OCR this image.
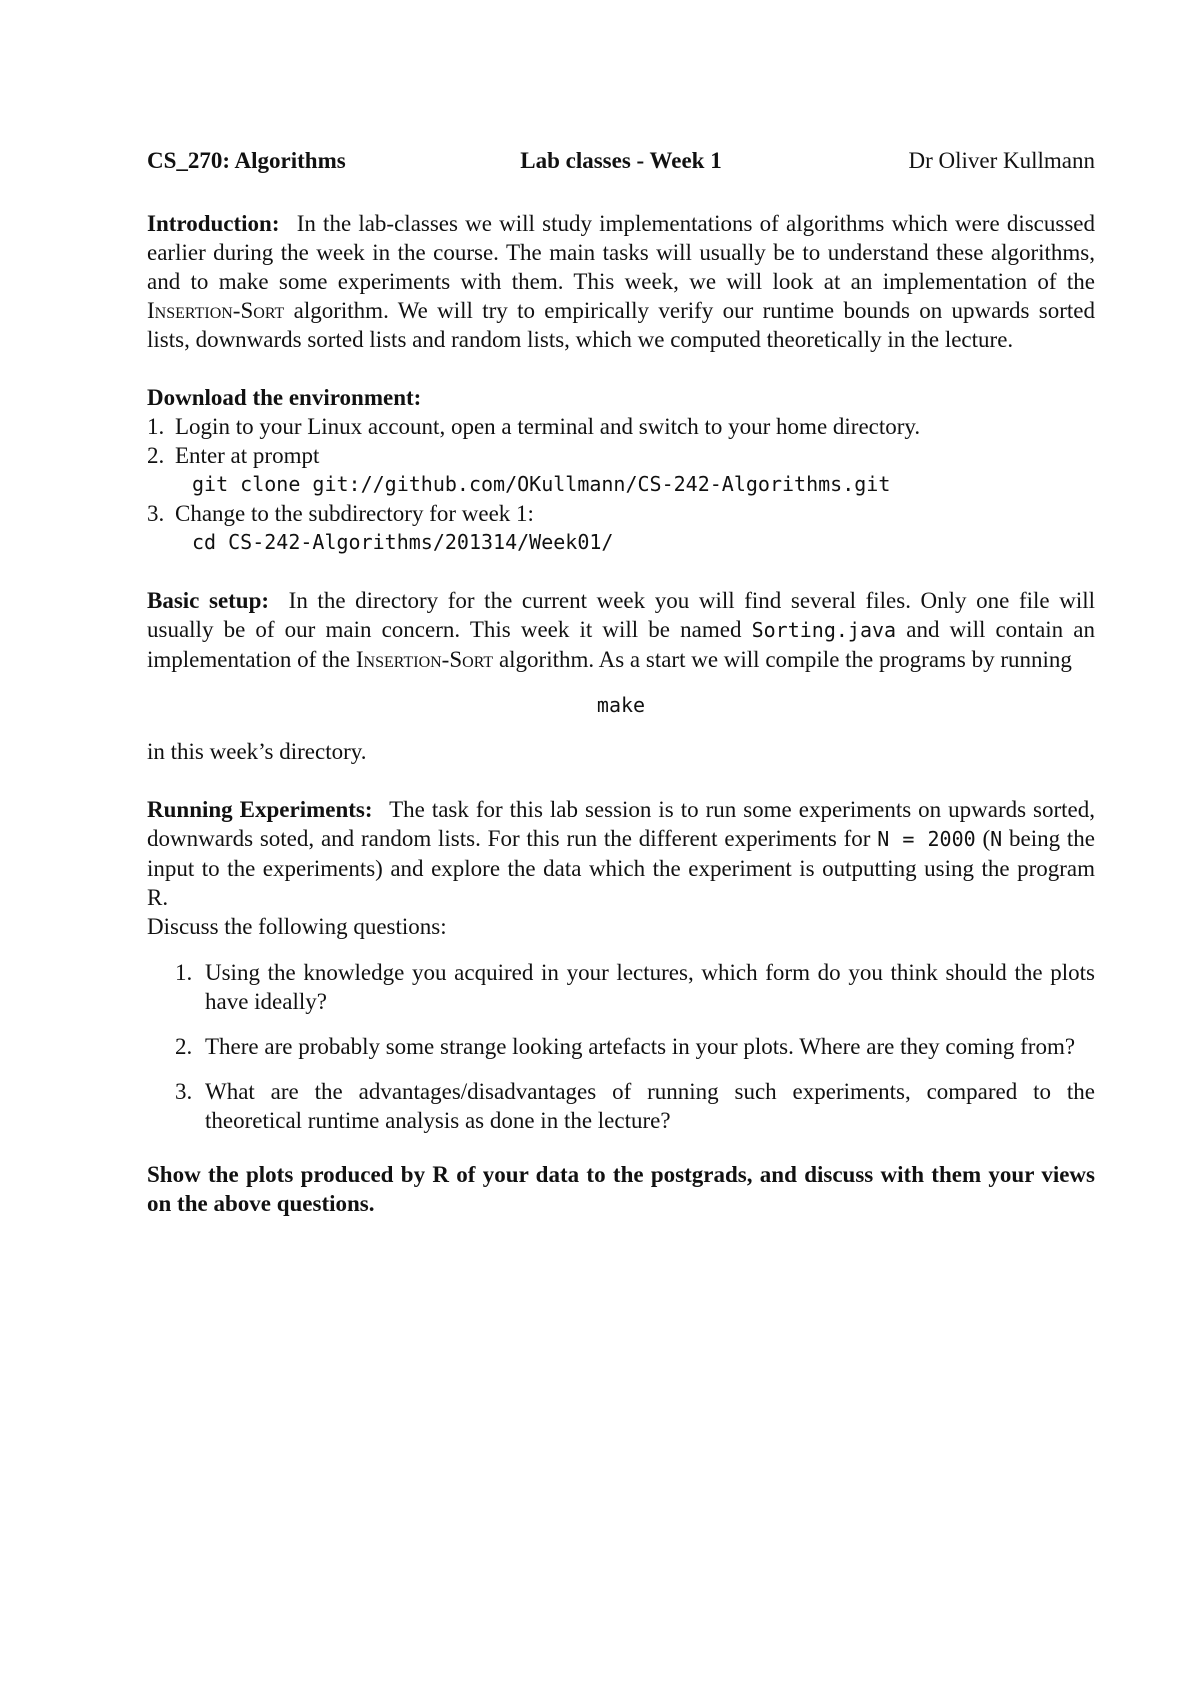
CS_270: Algorithms	Lab classes - Week 1	Dr Oliver Kullmann
Introduction: In the lab-classes we will study implementations of algorithms which were discussed earlier during the week in the course. The main tasks will usually be to understand these algorithms, and to make some experiments with them. This week, we will look at an implementation of the Insertion-Sort algorithm. We will try to empirically verify our runtime bounds on upwards sorted lists, downwards sorted lists and random lists, which we computed theoretically in the lecture.
Download the environment:
1. Login to your Linux account, open a terminal and switch to your home directory.
2. Enter at prompt
git clone git://github.com/OKullmann/CS-242-Algorithms.git
3. Change to the subdirectory for week 1:
cd CS-242-Algorithms/201314/Week01/
Basic setup: In the directory for the current week you will find several files. Only one file will usually be of our main concern. This week it will be named Sorting.java and will contain an implementation of the Insertion-Sort algorithm. As a start we will compile the programs by running
make
in this week’s directory.
Running Experiments: The task for this lab session is to run some experiments on upwards sorted, downwards soted, and random lists. For this run the different experiments for N = 2000 (N being the input to the experiments) and explore the data which the experiment is outputting using the program R.
Discuss the following questions:
1. Using the knowledge you acquired in your lectures, which form do you think should the plots have ideally?
2. There are probably some strange looking artefacts in your plots. Where are they coming from?
3. What are the advantages/disadvantages of running such experiments, compared to the theoretical runtime analysis as done in the lecture?
Show the plots produced by R of your data to the postgrads, and discuss with them your views on the above questions.
